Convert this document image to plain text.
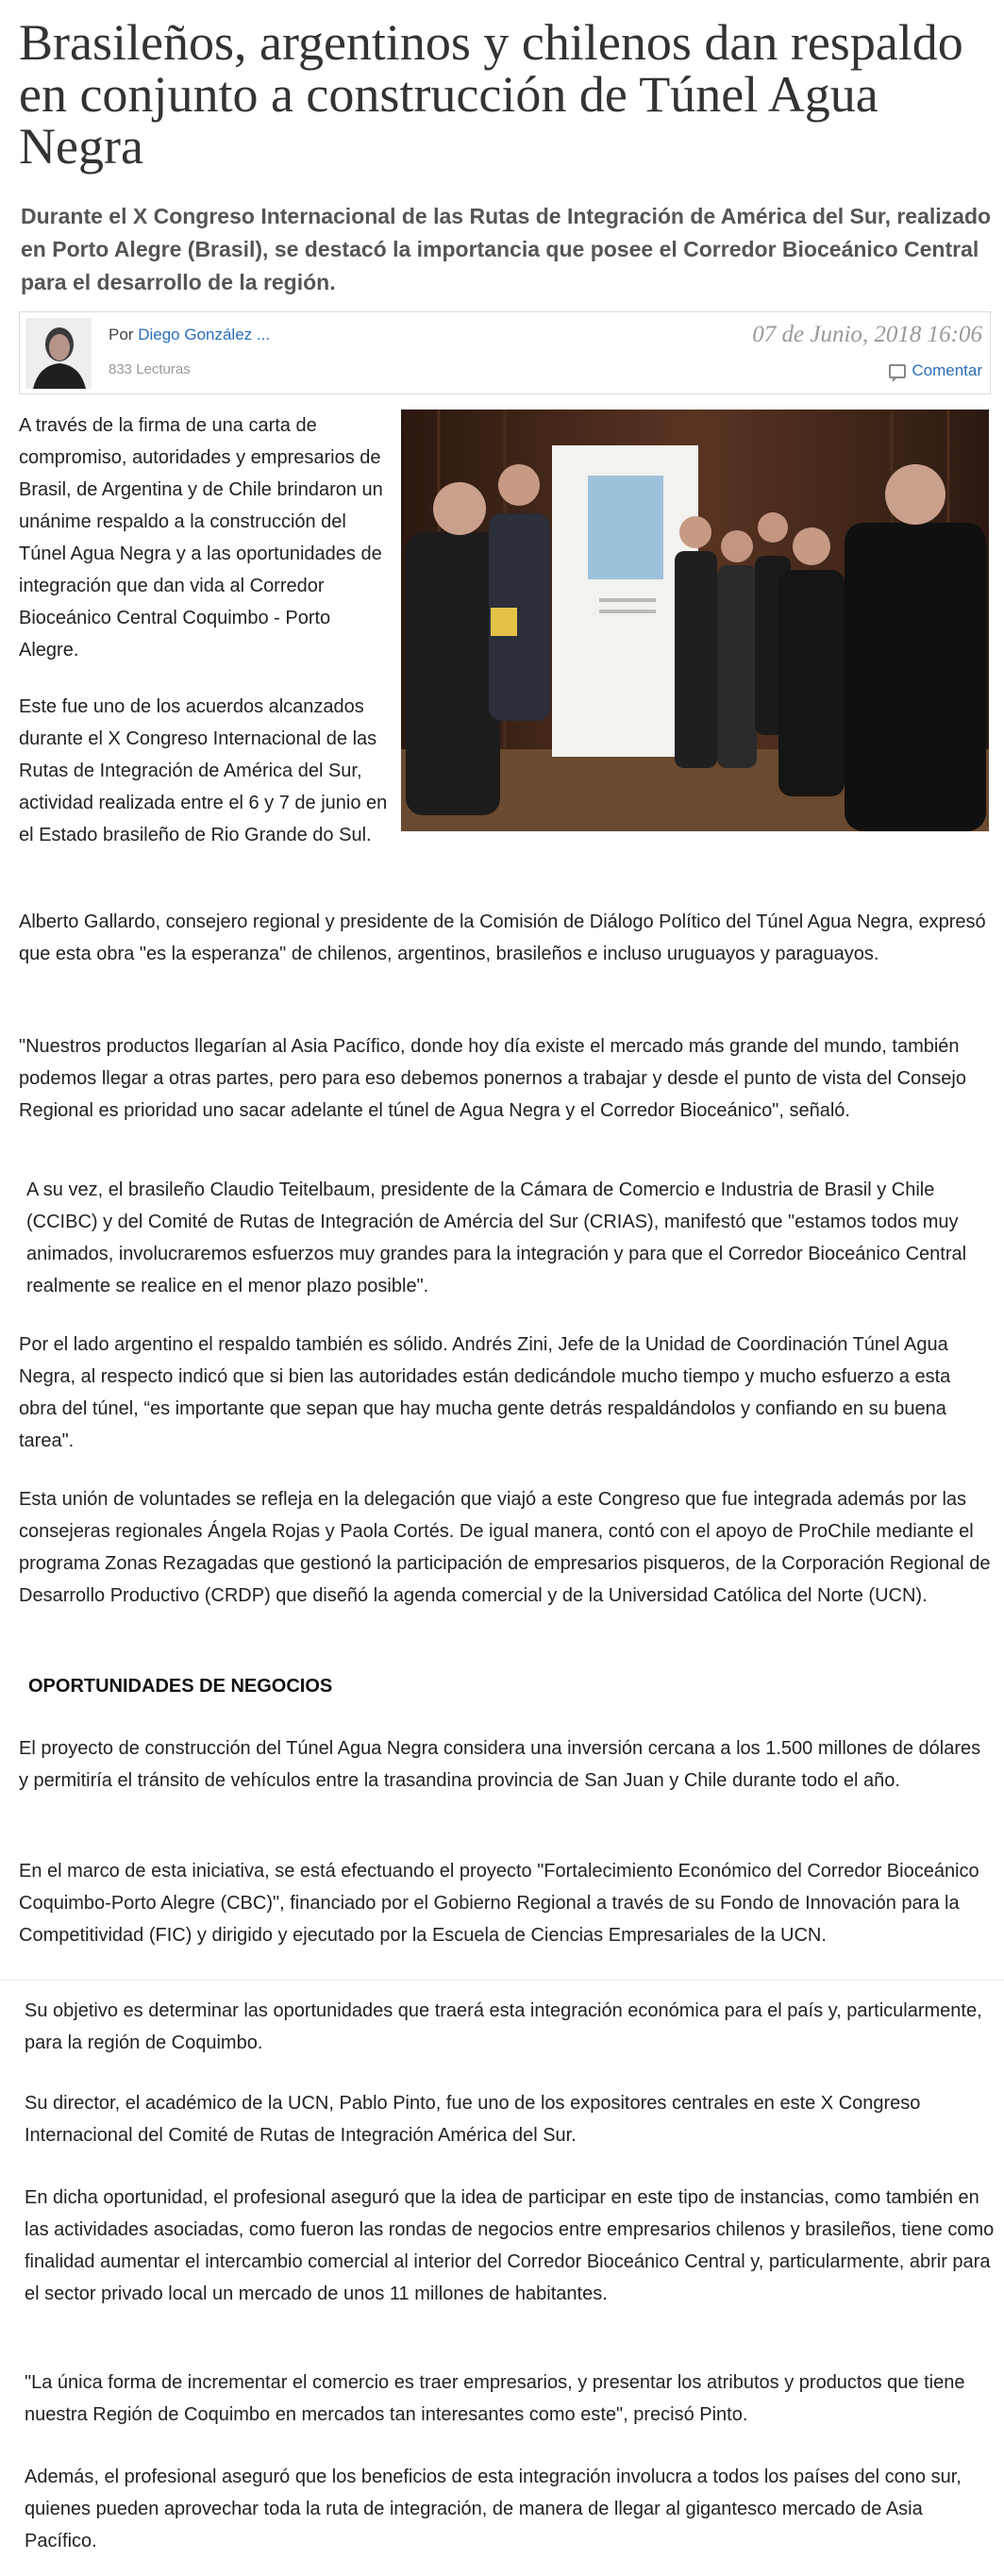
Brasileños, argentinos y chilenos dan respaldo en conjunto a construcción de Túnel Agua Negra

Durante el X Congreso Internacional de las Rutas de Integración de América del Sur, realizado en Porto Alegre (Brasil), se destacó la importancia que posee el Corredor Bioceánico Central para el desarrollo de la región.

Por Diego González ...
833 Lecturas
07 de Junio, 2018 16:06
Comentar

A través de la firma de una carta de compromiso, autoridades y empresarios de Brasil, de Argentina y de Chile brindaron un unánime respaldo a la construcción del Túnel Agua Negra y a las oportunidades de integración que dan vida al Corredor Bioceánico Central Coquimbo - Porto Alegre.

Este fue uno de los acuerdos alcanzados durante el X Congreso Internacional de las Rutas de Integración de América del Sur, actividad realizada entre el 6 y 7 de junio en el Estado brasileño de Rio Grande do Sul.

Alberto Gallardo, consejero regional y presidente de la Comisión de Diálogo Político del Túnel Agua Negra, expresó que esta obra "es la esperanza" de chilenos, argentinos, brasileños e incluso uruguayos y paraguayos.

"Nuestros productos llegarían al Asia Pacífico, donde hoy día existe el mercado más grande del mundo, también podemos llegar a otras partes, pero para eso debemos ponernos a trabajar y desde el punto de vista del Consejo Regional es prioridad uno sacar adelante el túnel de Agua Negra y el Corredor Bioceánico", señaló.

A su vez, el brasileño Claudio Teitelbaum, presidente de la Cámara de Comercio e Industria de Brasil y Chile (CCIBC) y del Comité de Rutas de Integración de Amércia del Sur (CRIAS), manifestó que "estamos todos muy animados, involucraremos esfuerzos muy grandes para la integración y para que el Corredor Bioceánico Central realmente se realice en el menor plazo posible".

Por el lado argentino el respaldo también es sólido. Andrés Zini, Jefe de la Unidad de Coordinación Túnel Agua Negra, al respecto indicó que si bien las autoridades están dedicándole mucho tiempo y mucho esfuerzo a esta obra del túnel, “es importante que sepan que hay mucha gente detrás respaldándolos y confiando en su buena tarea".

Esta unión de voluntades se refleja en la delegación que viajó a este Congreso que fue integrada además por las consejeras regionales Ángela Rojas y Paola Cortés. De igual manera, contó con el apoyo de ProChile mediante el programa Zonas Rezagadas que gestionó la participación de empresarios pisqueros, de la Corporación Regional de Desarrollo Productivo (CRDP) que diseñó la agenda comercial y de la Universidad Católica del Norte (UCN).

OPORTUNIDADES DE NEGOCIOS

El proyecto de construcción del Túnel Agua Negra considera una inversión cercana a los 1.500 millones de dólares y permitiría el tránsito de vehículos entre la trasandina provincia de San Juan y Chile durante todo el año.

En el marco de esta iniciativa, se está efectuando el proyecto "Fortalecimiento Económico del Corredor Bioceánico Coquimbo-Porto Alegre (CBC)", financiado por el Gobierno Regional a través de su Fondo de Innovación para la Competitividad (FIC) y dirigido y ejecutado por la Escuela de Ciencias Empresariales de la UCN.

Su objetivo es determinar las oportunidades que traerá esta integración económica para el país y, particularmente, para la región de Coquimbo.

Su director, el académico de la UCN, Pablo Pinto, fue uno de los expositores centrales en este X Congreso Internacional del Comité de Rutas de Integración América del Sur.

En dicha oportunidad, el profesional aseguró que la idea de participar en este tipo de instancias, como también en las actividades asociadas, como fueron las rondas de negocios entre empresarios chilenos y brasileños, tiene como finalidad aumentar el intercambio comercial al interior del Corredor Bioceánico Central y, particularmente, abrir para el sector privado local un mercado de unos 11 millones de habitantes.

"La única forma de incrementar el comercio es traer empresarios, y presentar los atributos y productos que tiene nuestra Región de Coquimbo en mercados tan interesantes como este", precisó Pinto.

Además, el profesional aseguró que los beneficios de esta integración involucra a todos los países del cono sur, quienes pueden aprovechar toda la ruta de integración, de manera de llegar al gigantesco mercado de Asia Pacífico.
